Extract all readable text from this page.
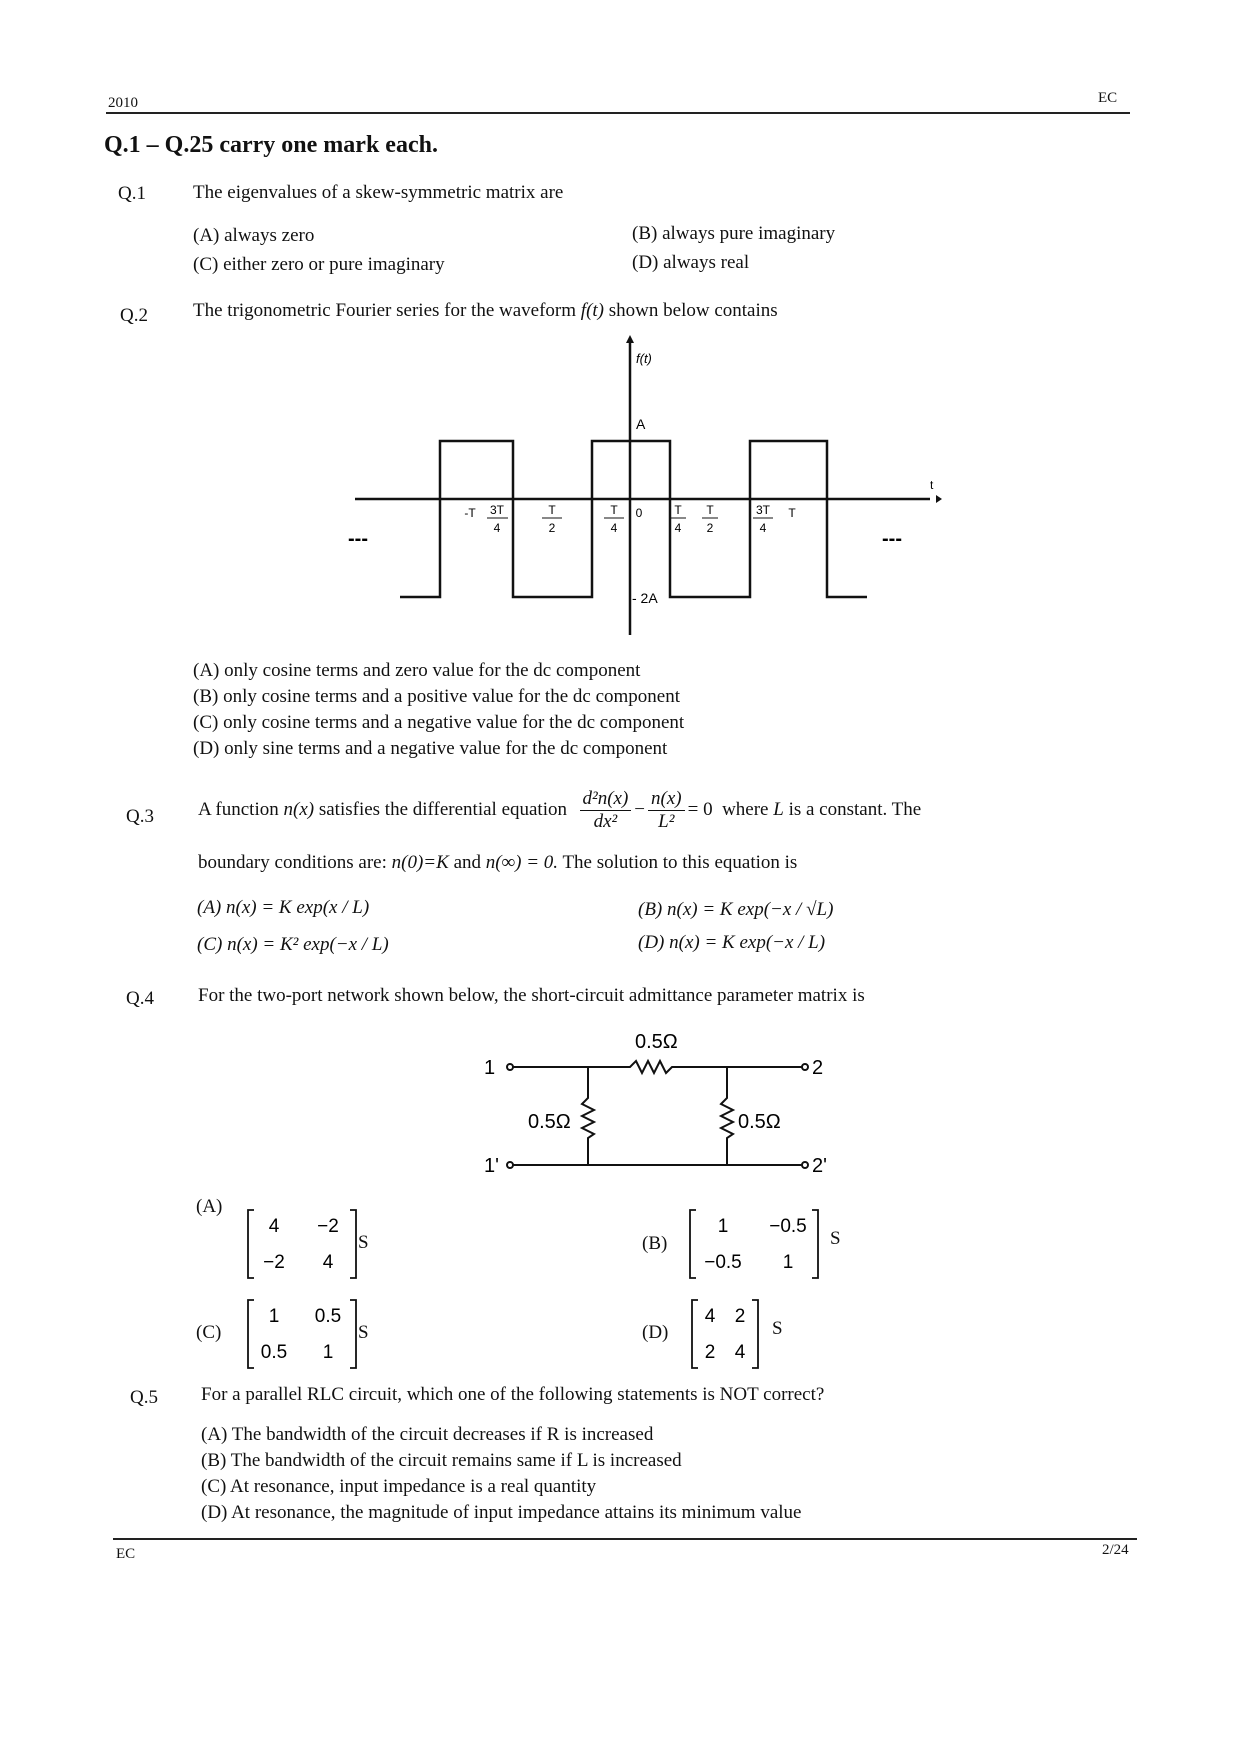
2010	EC
Q.1 – Q.25 carry one mark each.
Q.1 The eigenvalues of a skew-symmetric matrix are
(A) always zero	(B) always pure imaginary
(C) either zero or pure imaginary	(D) always real
Q.2 The trigonometric Fourier series for the waveform f(t) shown below contains
f(t)
t
A
- 2A
---	---
-T 3T
4
T
2
T
4
0	T
4
T
2
3T
4
T
(A) only cosine terms and zero value for the dc component
(B) only cosine terms and a positive value for the dc component
(C) only cosine terms and a negative value for the dc component
(D) only sine terms and a negative value for the dc component
Q.3 A function
n(x)
satisfies the differential equation
$\frac{\text{d²n(x)}}{\text{dx²}} - \frac{n(x)}{\text{L²}} = 0$
where
L
is a constant. The
boundary conditions are: n(0)=K and n(∞) = 0. The solution to this equation is
(A) n(x) = K exp(x / L)	(B) n(x) = K exp(−x / √L)
(C) n(x) = K² exp(−x / L)	(D) n(x) = K exp(−x / L)
Q.4 For the two-port network shown below, the short-circuit admittance parameter matrix is
0.5Ω
0.5Ω	0.5Ω
1
1'
2
2'
(A)
4 −2
−2 4
S	(B)
1 −0.5
−0.5 1
S
(C)
1 0.5
0.5 1
S	(D)
4 2
2 4
S
Q.5 For a parallel RLC circuit, which one of the following statements is NOT correct?
(A) The bandwidth of the circuit decreases if R is increased
(B) The bandwidth of the circuit remains same if L is increased
(C) At resonance, input impedance is a real quantity
(D) At resonance, the magnitude of input impedance attains its minimum value
EC	2/24
